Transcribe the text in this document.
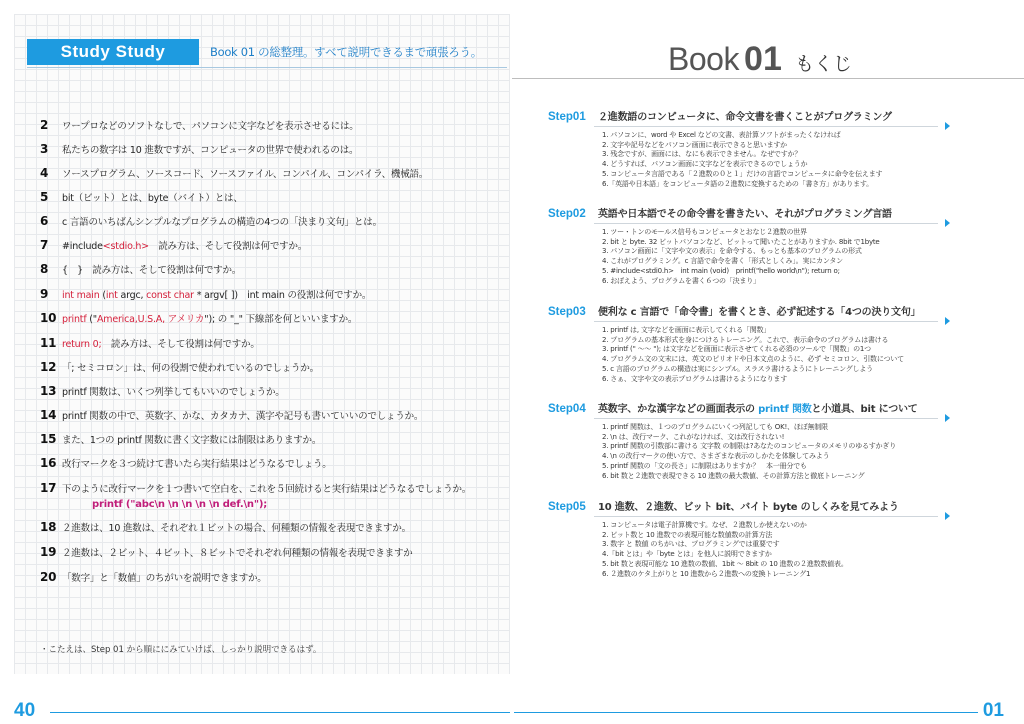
Study Study	Book 01 の総整理。すべて説明できるまで頑張ろう。
2 ワープロなどのソフトなしで、パソコンに文字などを表示させるには。
3 私たちの数字は 10 進数ですが、コンピュータの世界で使われるのは。
4 ソースプログラム、ソースコード、ソースファイル、コンパイル、コンパイラ、機械語。
5 bit（ビット）とは、byte（バイト）とは、
6 c 言語のいちばんシンプルなプログラムの構造の4つの「決まり文句」とは。
7 #include<stdio.h>　読み方は、そして役割は何ですか。
8 {　}　読み方は、そして役割は何ですか。
9 int main (int argc, const char * argv[ ])　int main の役割は何ですか。
10 printf ("America,U.S.A, アメリカ"); の "_" 下線部を何といいますか。
11 return 0;　読み方は、そして役割は何ですか。
12 「; セミコロン」は、何の役割で使われているのでしょうか。
13 printf 関数は、いくつ列挙してもいいのでしょうか。
14 printf 関数の中で、英数字、かな、カタカナ、漢字や記号も書いていいのでしょうか。
15 また、1つの printf 関数に書く文字数には制限はありますか。
16 改行マークを３つ続けて書いたら実行結果はどうなるでしょう。
17 下のように改行マークを１つ書いて空白を、これを５回続けると実行結果はどうなるでしょうか。
printf ("abc\n \n \n \n \n def.\n");
18 ２進数は、10 進数は、それぞれ１ビットの場合、何種類の情報を表現できますか。
19 ２進数は、２ビット、４ビット、８ビットでそれぞれ何種類の情報を表現できますか
20 「数字」と「数値」のちがいを説明できますか。
・こたえは、Step 01 から順ににみていけば、しっかり説明できるはず。
Book 01 もくじ
Step01	２進数語のコンピュータに、命令文書を書くことがプログラミング
1. パソコンに、word や Excel などの文書、表計算ソフトがまったくなければ
2. 文字や記号などをパソコン画面に表示できると思いますか
3. 残念ですが、画面には、なにも表示できません。なぜですか？
4. どうすれば、パソコン画面に文字などを表示できるのでしょうか
5. コンピュータ言語である「２進数の０と１」だけの言語でコンピュータに命令を伝えます
6.「英語や日本語」をコンピュータ語の２進数に変換するための「書き方」があります。
Step02	英語や日本語でその命令書を書きたい、それがプログラミング言語
1. ツー・トンのモールス信号もコンピュータとおなじ２進数の世界
2. bit と byte. 32 ビットパソコンなど、ビットって聞いたことがありますか. 8bit で1byte
3. パソコン画面に「文字や文の表示」を命令する、もっとも基本のプログラムの形式
4. これがプログラミング。c 言語で命令を書く「形式としくみ」。実にカンタン
5. #include<stdi0.h>　int main (void)　printf("hello world\n"); return o;
6. おぼえよう、プログラムを書く６つの「決まり」
Step03	便利な c 言語で「命令書」を書くとき、必ず記述する「4つの決り文句」
1. printf は, 文字などを画面に表示してくれる「関数」
2. プログラムの基本形式を身につけるトレーニング。これで、表示命令のプログラムは書ける
3. printf (" ～～ "); は文字などを画面に表示させてくれる必須のツールで「関数」の1つ
4. プログラム文の文末には、英文のピリオドや日本文点のように、必ず セミコロン、引数について
5. c 言語のプログラムの構造は実にシンプル。スラスラ書けるようにトレーニングしよう
6. さぁ、文字や文の表示プログラムは書けるようになります
Step04	英数字、かな漢字などの画面表示の printf 関数と小道具、bit について
1. printf 関数は、１つのプログラムにいくつ列記しても OK!、ほぼ無制限
2. \n は、改行マーク、これがなければ、文は改行されない!
3. printf 関数の引数部に書ける 文字数 の制限は?あなたのコンピュータのメモリのゆるすかぎり
4. \n の改行マークの使い方で、さまざまな表示のしかたを体験してみよう
5. printf 関数の「文の長さ」に制限はありますか？　本一冊分でも
6. bit 数と２進数で表現できる 10 進数の最大数値、その計算方法と徹底トレーニング
Step05	10 進数、２進数、ビット bit、バイト byte のしくみを見てみよう
1. コンピュータは電子計算機です。なぜ、２進数しか使えないのか
2. ビット数と 10 進数での表現可能な数値数の計算方法
3. 数字 と 数値 のちがいは、プログラミングでは重要です
4.「bit とは」や「byte とは」を他人に説明できますか
5. bit 数と表現可能な 10 進数の数値、1bit ～ 8bit の 10 進数の２進数数値表。
6. ２進数のケタ上がりと 10 進数から２進数への変換トレーニング1
40	01
